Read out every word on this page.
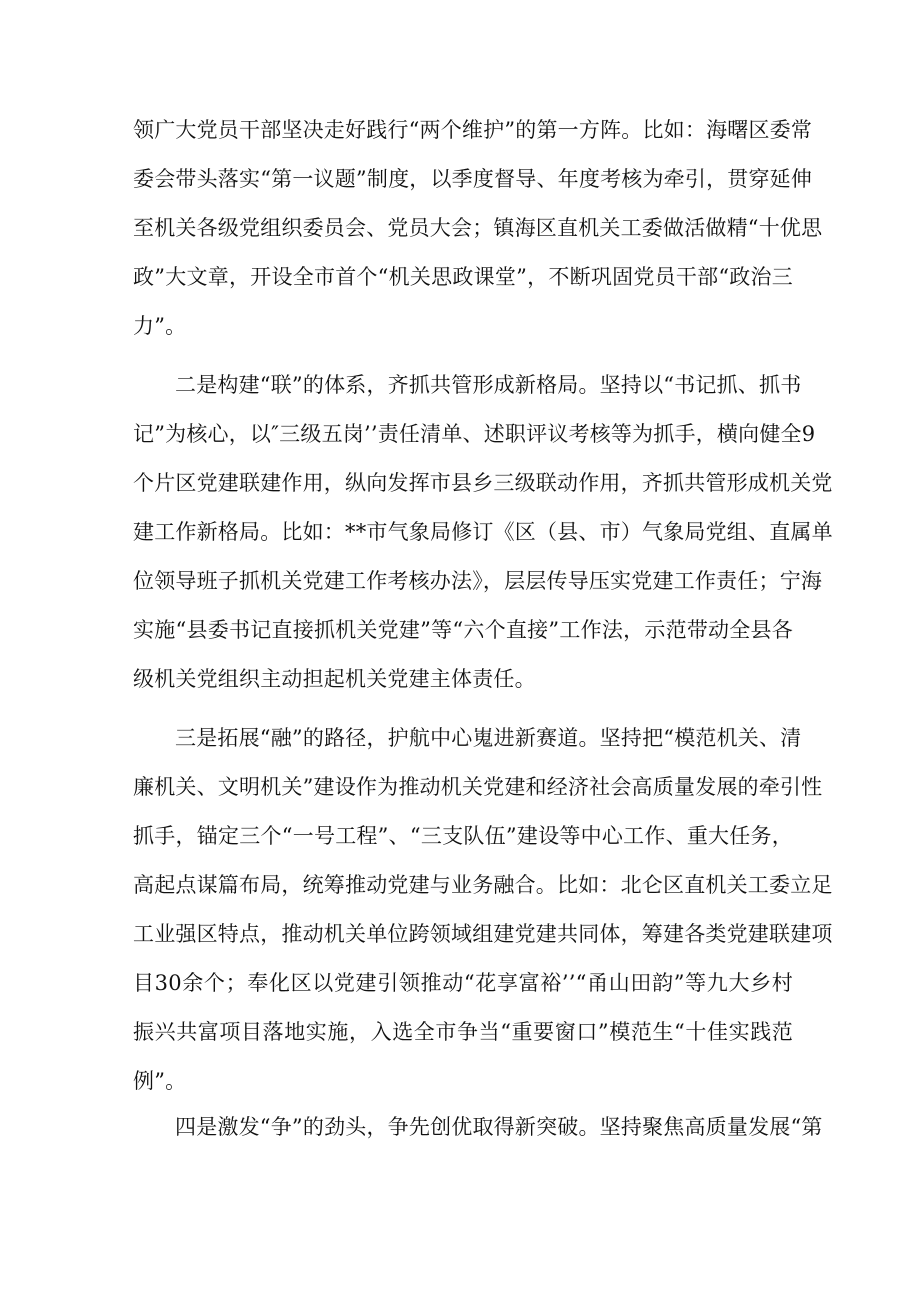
领广大党员干部坚决走好践行“两个维护”的第一方阵。比如：海曙区委常
委会带头落实“第一议题”制度，以季度督导、年度考核为牵引，贯穿延伸
至机关各级党组织委员会、党员大会；镇海区直机关工委做活做精“十优思
政”大文章，开设全市首个“机关思政课堂”，不断巩固党员干部“政治三
力”。
二是构建“联”的体系，齐抓共管形成新格局。坚持以“书记抓、抓书
记”为核心，以″三级五岗’’责任清单、述职评议考核等为抓手，横向健全9
个片区党建联建作用，纵向发挥市县乡三级联动作用，齐抓共管形成机关党
建工作新格局。比如：**市气象局修订《区（县、市）气象局党组、直属单
位领导班子抓机关党建工作考核办法》，层层传导压实党建工作责任；宁海
实施“县委书记直接抓机关党建”等“六个直接”工作法，示范带动全县各
级机关党组织主动担起机关党建主体责任。
三是拓展“融”的路径，护航中心嵬进新赛道。坚持把“模范机关、清
廉机关、文明机关”建设作为推动机关党建和经济社会高质量发展的牵引性
抓手，锚定三个“一号工程”、“三支队伍”建设等中心工作、重大任务，
高起点谋篇布局，统筹推动党建与业务融合。比如：北仑区直机关工委立足
工业强区特点，推动机关单位跨领域组建党建共同体，筹建各类党建联建项
目30余个；奉化区以党建引领推动“花享富裕’’“甬山田韵”等九大乡村
振兴共富项目落地实施，入选全市争当“重要窗口”模范生“十佳实践范
例”。
四是激发“争”的劲头，争先创优取得新突破。坚持聚焦高质量发展“第
